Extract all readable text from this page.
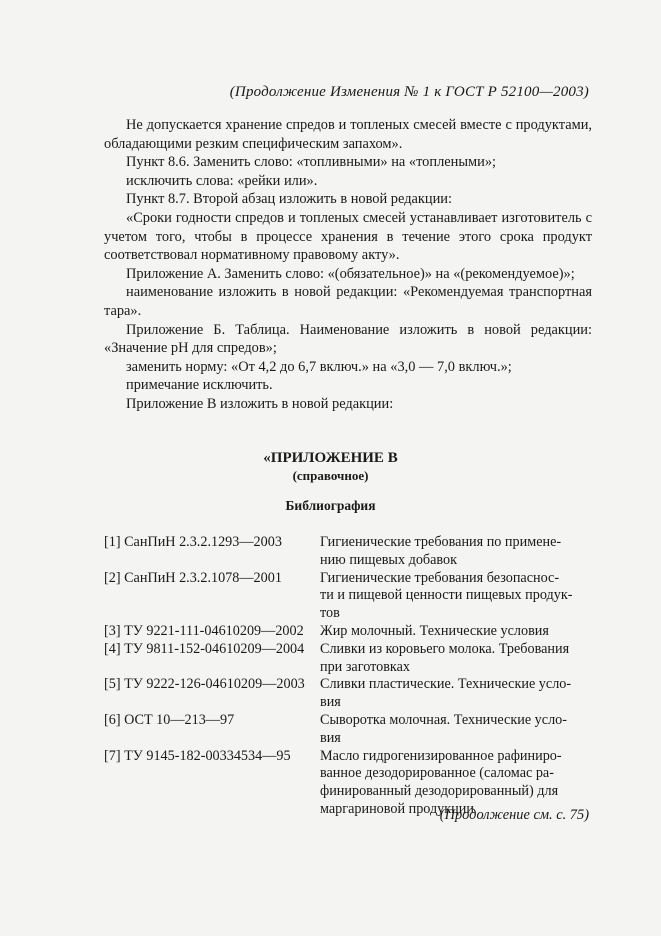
(Продолжение Изменения № 1 к ГОСТ Р 52100—2003)

Не допускается хранение спредов и топленых смесей вместе с продуктами, обладающими резким специфическим запахом».

Пункт 8.6. Заменить слово: «топливными» на «топлеными»;

исключить слова: «рейки или».

Пункт 8.7. Второй абзац изложить в новой редакции:

«Сроки годности спредов и топленых смесей устанавливает изготовитель с учетом того, чтобы в процессе хранения в течение этого срока продукт соответствовал нормативному правовому акту».

Приложение А. Заменить слово: «(обязательное)» на «(рекомендуемое)»;

наименование изложить в новой редакции: «Рекомендуемая транспортная тара».

Приложение Б. Таблица. Наименование изложить в новой редакции: «Значение pH для спредов»;

заменить норму: «От 4,2 до 6,7 включ.» на «3,0 — 7,0 включ.»;

примечание исключить.

Приложение В изложить в новой редакции:

«ПРИЛОЖЕНИЕ В
(справочное)
Библиография
[1] СанПиН 2.3.2.1293—2003	Гигиенические требования по примене-
нию пищевых добавок
[2] СанПиН 2.3.2.1078—2001	Гигиенические требования безопаснос-
ти и пищевой ценности пищевых продук-
тов
[3] ТУ 9221-111-04610209—2002	Жир молочный. Технические условия
[4] ТУ 9811-152-04610209—2004	Сливки из коровьего молока. Требования
при заготовках
[5] ТУ 9222-126-04610209—2003	Сливки пластические. Технические усло-
вия
[6] ОСТ 10—213—97	Сыворотка молочная. Технические усло-
вия
[7] ТУ 9145-182-00334534—95	Масло гидрогенизированное рафиниро-
ванное дезодорированное (саломас ра-
финированный дезодорированный) для
маргариновой продукции
(Продолжение см. с. 75)
